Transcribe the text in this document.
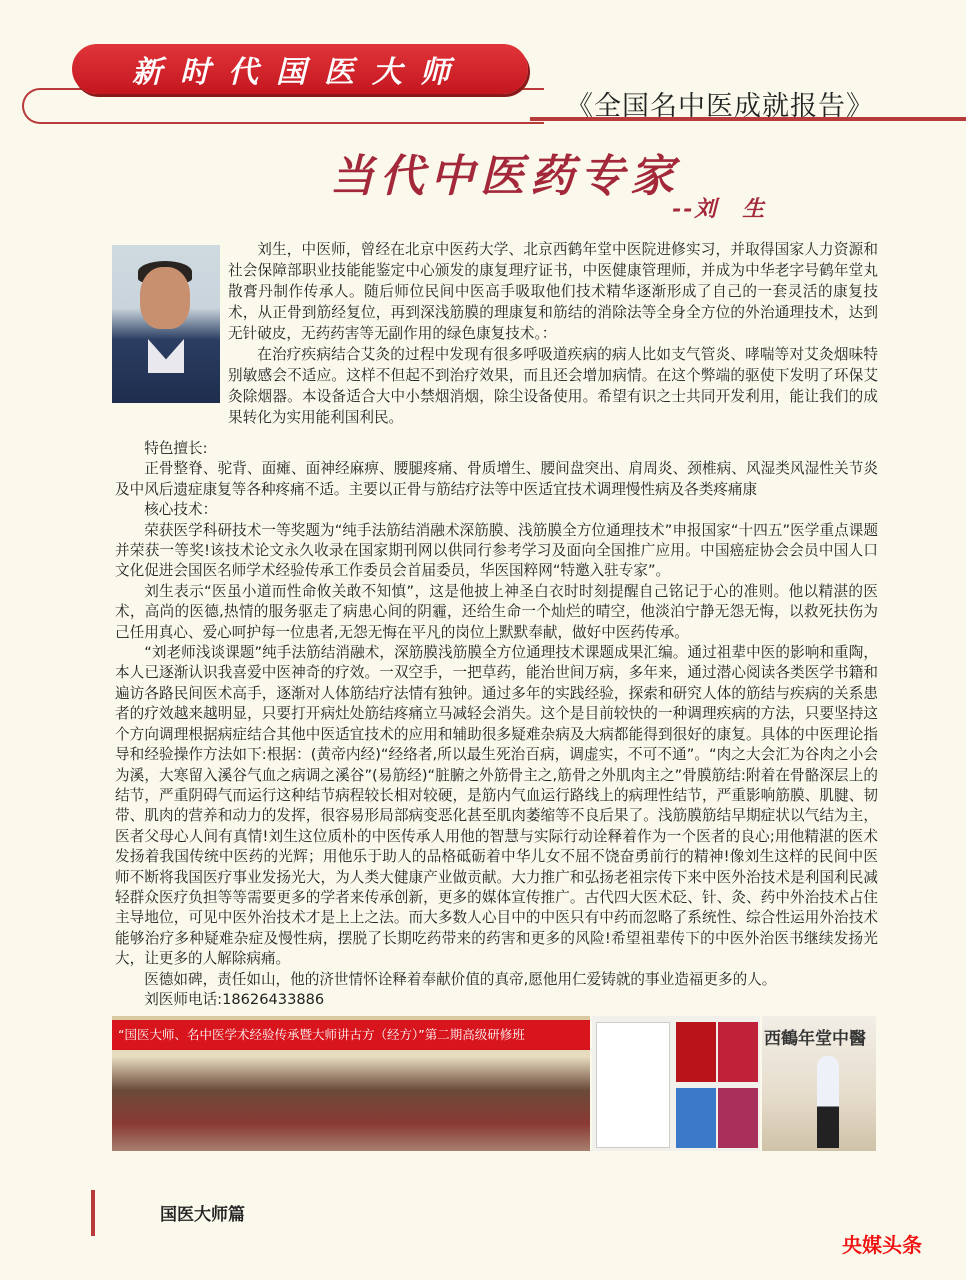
新时代国医大师
《全国名中医成就报告》
当代中医药专家
--刘　生

刘生，中医师，曾经在北京中医药大学、北京西鹤年堂中医院进修实习，并取得国家人力资源和社会保障部职业技能能鉴定中心颁发的康复理疗证书，中医健康管理师，并成为中华老字号鹤年堂丸散膏丹制作传承人。随后师位民间中医高手吸取他们技术精华逐渐形成了自己的一套灵活的康复技术，从正骨到筋经复位，再到深浅筋膜的理康复和筋结的消除法等全身全方位的外治通理技术，达到无针破皮，无药药害等无副作用的绿色康复技术。：

在治疗疾病结合艾灸的过程中发现有很多呼吸道疾病的病人比如支气管炎、哮喘等对艾灸烟味特别敏感会不适应。这样不但起不到治疗效果，而且还会增加病情。在这个弊端的驱使下发明了环保艾灸除烟器。本设备适合大中小禁烟消烟，除尘设备使用。希望有识之士共同开发利用，能让我们的成果转化为实用能利国利民。

特色擅长:

正骨整脊、驼背、面瘫、面神经麻痹、腰腿疼痛、骨质增生、腰间盘突出、肩周炎、颈椎病、风湿类风湿性关节炎及中风后遗症康复等各种疼痛不适。主要以正骨与筋结疗法等中医适宜技术调理慢性病及各类疼痛康

核心技术：

荣获医学科研技术一等奖题为“纯手法筋结消融术深筋膜、浅筋膜全方位通理技术”申报国家“十四五”医学重点课题并荣获一等奖!该技术论文永久收录在国家期刊网以供同行参考学习及面向全国推广应用。中国癌症协会会员中国人口文化促进会国医名师学术经验传承工作委员会首届委员，华医国粹网“特邀入驻专家”。

刘生表示“医虽小道而性命攸关敢不知慎”，这是他披上神圣白衣时时刻提醒自己铭记于心的准则。他以精湛的医术，高尚的医德,热情的服务驱走了病患心间的阴霾，还给生命一个灿烂的晴空，他淡泊宁静无怨无悔，以救死扶伤为己任用真心、爱心呵护每一位患者,无怨无悔在平凡的岗位上默默奉献，做好中医药传承。

“刘老师浅谈课题”纯手法筋结消融术，深筋膜浅筋膜全方位通理技术课题成果汇编。通过祖辈中医的影响和重陶，本人已逐渐认识我喜爱中医神奇的疗效。一双空手，一把草药，能治世间万病，多年来，通过潜心阅读各类医学书籍和遍访各路民间医术高手，逐渐对人体筋结疗法情有独钟。通过多年的实践经验，探索和研究人体的筋结与疾病的关系患者的疗效越来越明显，只要打开病灶处筋结疼痛立马减轻会消失。这个是目前较快的一种调理疾病的方法，只要坚持这个方向调理根据病症结合其他中医适宜技术的应用和辅助很多疑难杂病及大病都能得到很好的康复。具体的中医理论指导和经验操作方法如下:根据：(黄帝内经)“经络者,所以最生死治百病，调虚实，不可不通”。“肉之大会汇为谷肉之小会为溪，大寒留入溪谷气血之病调之溪谷”(易筋经)“脏腑之外筋骨主之,筋骨之外肌肉主之”骨膜筋结:附着在骨骼深层上的结节，严重阴碍气而运行这种结节病程较长相对较硬，是筋内气血运行路线上的病理性结节，严重影响筋膜、肌腱、韧带、肌肉的营养和动力的发挥，很容易形局部病变恶化甚至肌肉萎缩等不良后果了。浅筋膜筋结早期症状以气结为主，医者父母心人间有真情!刘生这位质朴的中医传承人用他的智慧与实际行动诠释着作为一个医者的良心;用他精湛的医术发扬着我国传统中医药的光辉；用他乐于助人的品格砥砺着中华儿女不屈不饶奋勇前行的精神!像刘生这样的民间中医师不断将我国医疗事业发扬光大，为人类大健康产业做贡献。大力推广和弘扬老祖宗传下来中医外治技术是利国利民减轻群众医疗负担等等需要更多的学者来传承创新，更多的媒体宣传推广。古代四大医术砭、针、灸、药中外治技术占住主导地位，可见中医外治技术才是上上之法。而大多数人心目中的中医只有中药而忽略了系统性、综合性运用外治技术能够治疗多种疑难杂症及慢性病，摆脱了长期吃药带来的药害和更多的风险!希望祖辈传下的中医外治医书继续发扬光大，让更多的人解除病痛。

医德如碑，责任如山，他的济世情怀诠释着奉献价值的真帝,愿他用仁爱铸就的事业造福更多的人。

刘医师电话:18626433886

“国医大师、名中医学术经验传承暨大师讲古方（经方）”第二期高级研修班	西鶴年堂中醫
国医大师篇
央媒头条
